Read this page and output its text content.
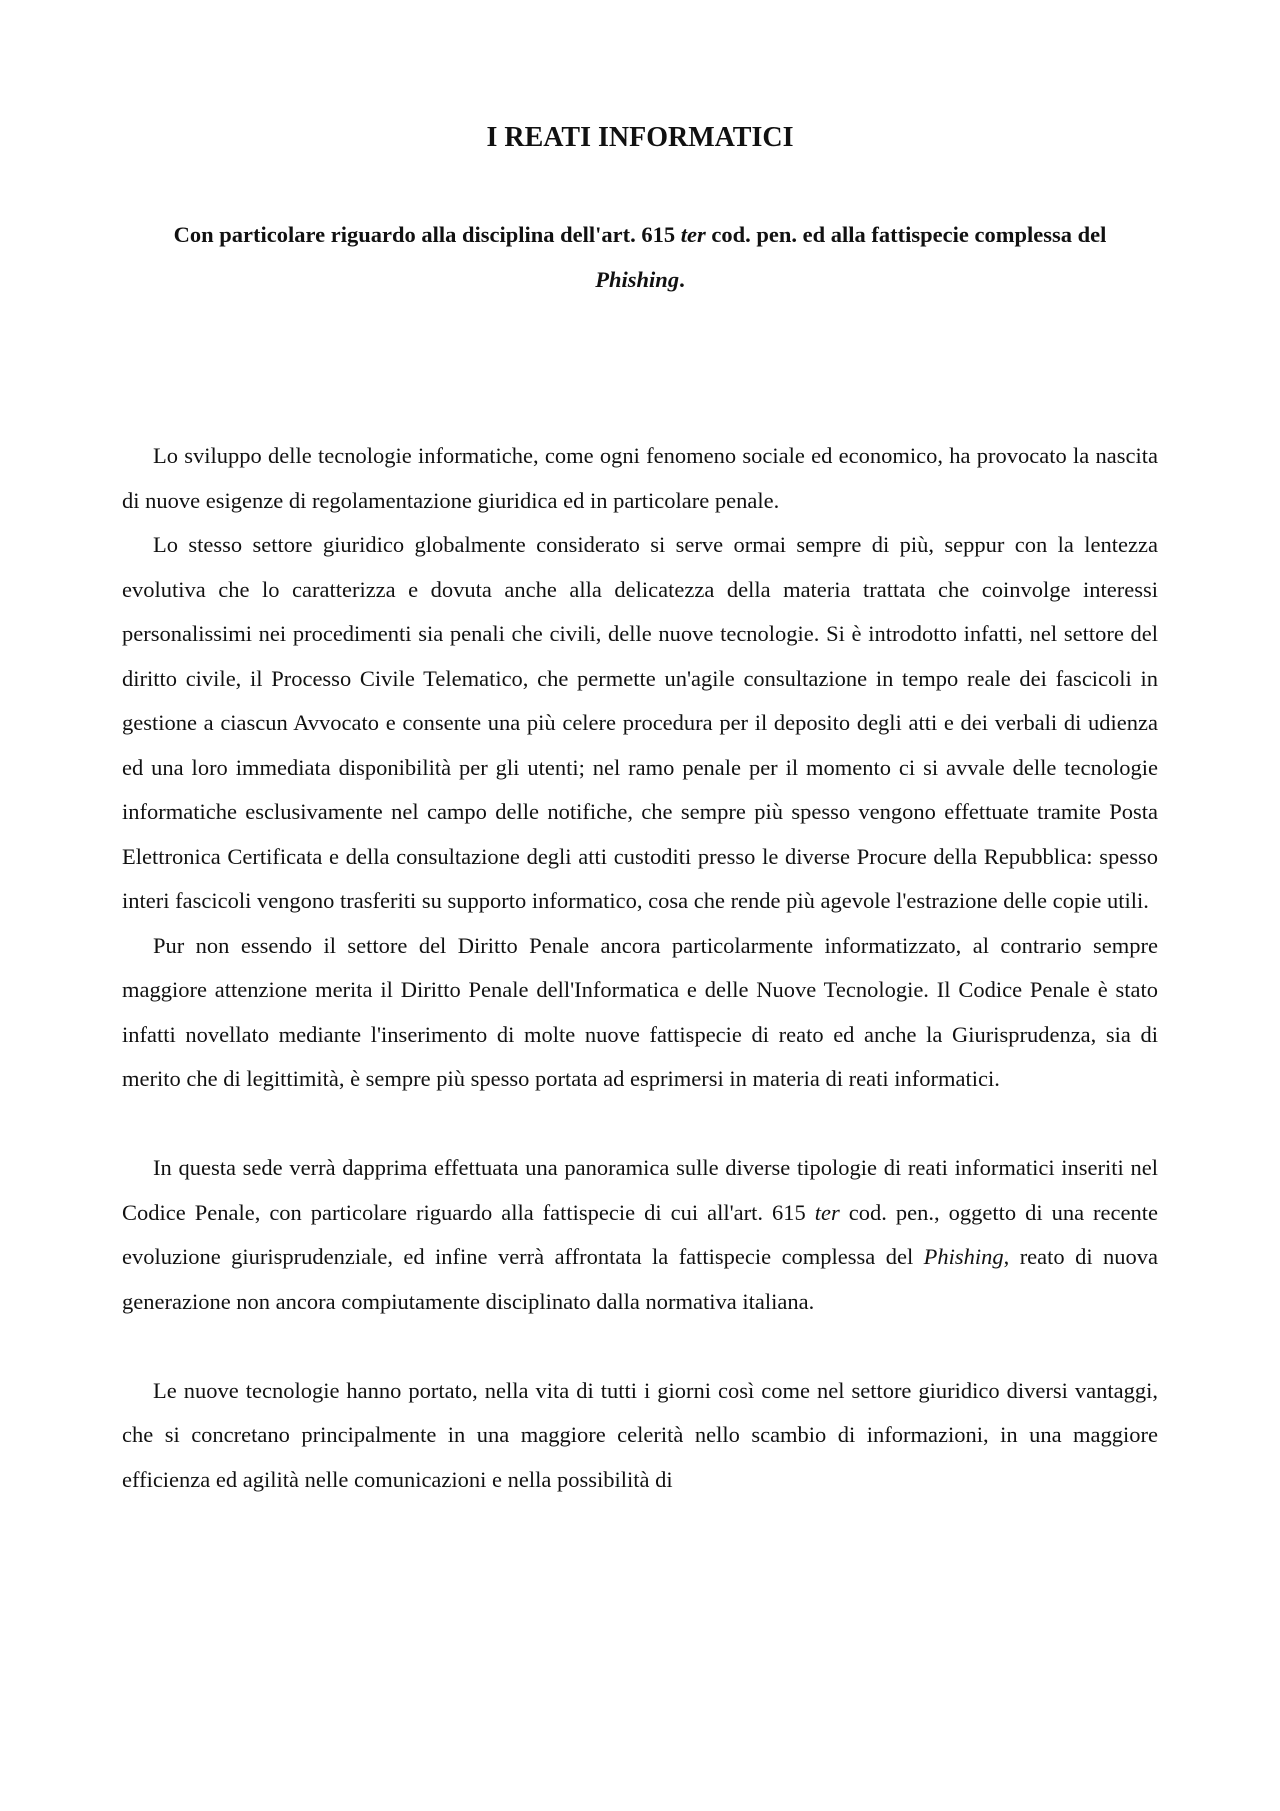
I REATI INFORMATICI

Con particolare riguardo alla disciplina dell'art. 615 ter cod. pen. ed alla fattispecie complessa del Phishing.

Lo sviluppo delle tecnologie informatiche, come ogni fenomeno sociale ed economico, ha provocato la nascita di nuove esigenze di regolamentazione giuridica ed in particolare penale.

Lo stesso settore giuridico globalmente considerato si serve ormai sempre di più, seppur con la lentezza evolutiva che lo caratterizza e dovuta anche alla delicatezza della materia trattata che coinvolge interessi personalissimi nei procedimenti sia penali che civili, delle nuove tecnologie. Si è introdotto infatti, nel settore del diritto civile, il Processo Civile Telematico, che permette un'agile consultazione in tempo reale dei fascicoli in gestione a ciascun Avvocato e consente una più celere procedura per il deposito degli atti e dei verbali di udienza ed una loro immediata disponibilità per gli utenti; nel ramo penale per il momento ci si avvale delle tecnologie informatiche esclusivamente nel campo delle notifiche, che sempre più spesso vengono effettuate tramite Posta Elettronica Certificata e della consultazione degli atti custoditi presso le diverse Procure della Repubblica: spesso interi fascicoli vengono trasferiti su supporto informatico, cosa che rende più agevole l'estrazione delle copie utili.

Pur non essendo il settore del Diritto Penale ancora particolarmente informatizzato, al contrario sempre maggiore attenzione merita il Diritto Penale dell'Informatica e delle Nuove Tecnologie. Il Codice Penale è stato infatti novellato mediante l'inserimento di molte nuove fattispecie di reato ed anche la Giurisprudenza, sia di merito che di legittimità, è sempre più spesso portata ad esprimersi in materia di reati informatici.

In questa sede verrà dapprima effettuata una panoramica sulle diverse tipologie di reati informatici inseriti nel Codice Penale, con particolare riguardo alla fattispecie di cui all'art. 615 ter cod. pen., oggetto di una recente evoluzione giurisprudenziale, ed infine verrà affrontata la fattispecie complessa del Phishing, reato di nuova generazione non ancora compiutamente disciplinato dalla normativa italiana.

Le nuove tecnologie hanno portato, nella vita di tutti i giorni così come nel settore giuridico diversi vantaggi, che si concretano principalmente in una maggiore celerità nello scambio di informazioni, in una maggiore efficienza ed agilità nelle comunicazioni e nella possibilità di
